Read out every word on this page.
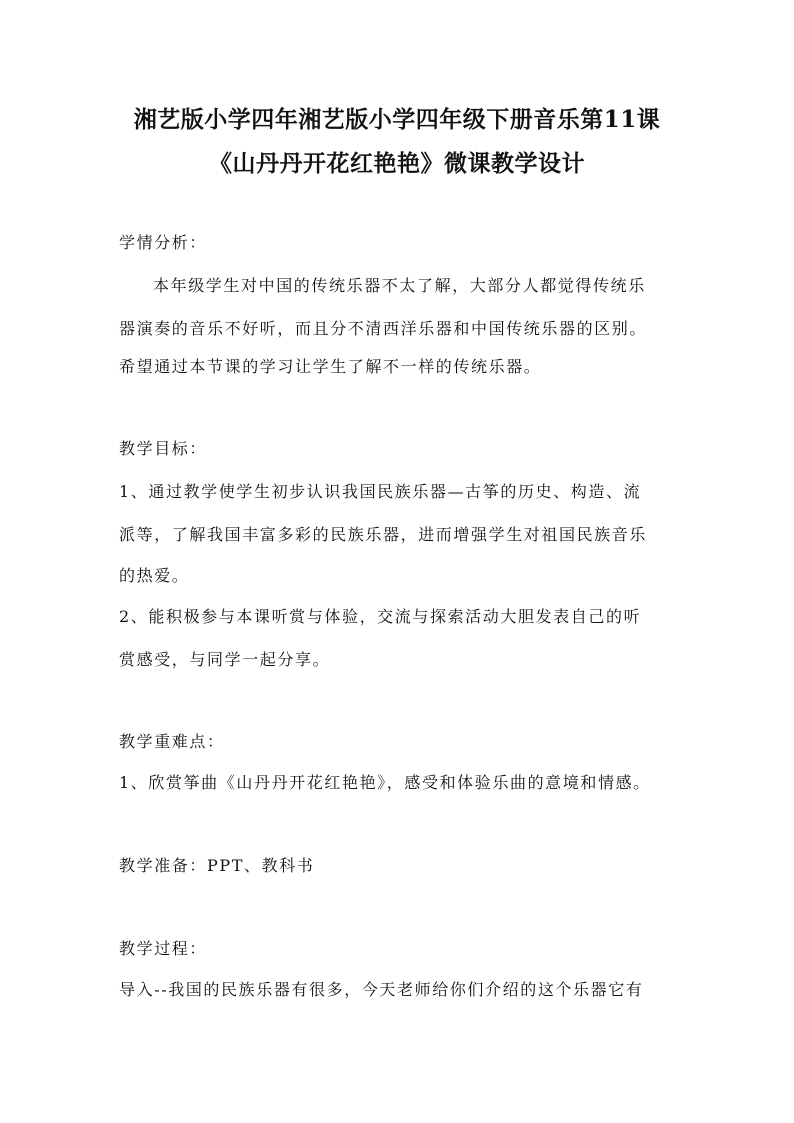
湘艺版小学四年湘艺版小学四年级下册音乐第11课
《山丹丹开花红艳艳》微课教学设计
学情分析：
本年级学生对中国的传统乐器不太了解，大部分人都觉得传统乐
器演奏的音乐不好听，而且分不清西洋乐器和中国传统乐器的区别。
希望通过本节课的学习让学生了解不一样的传统乐器。
教学目标：
1、通过教学使学生初步认识我国民族乐器—古筝的历史、构造、流
派等，了解我国丰富多彩的民族乐器，进而增强学生对祖国民族音乐
的热爱。
2、能积极参与本课听赏与体验，交流与探索活动大胆发表自己的听
赏感受，与同学一起分享。
教学重难点：
1、欣赏筝曲《山丹丹开花红艳艳》，感受和体验乐曲的意境和情感。
教学准备：PPT、教科书
教学过程：
导入--我国的民族乐器有很多，今天老师给你们介绍的这个乐器它有
